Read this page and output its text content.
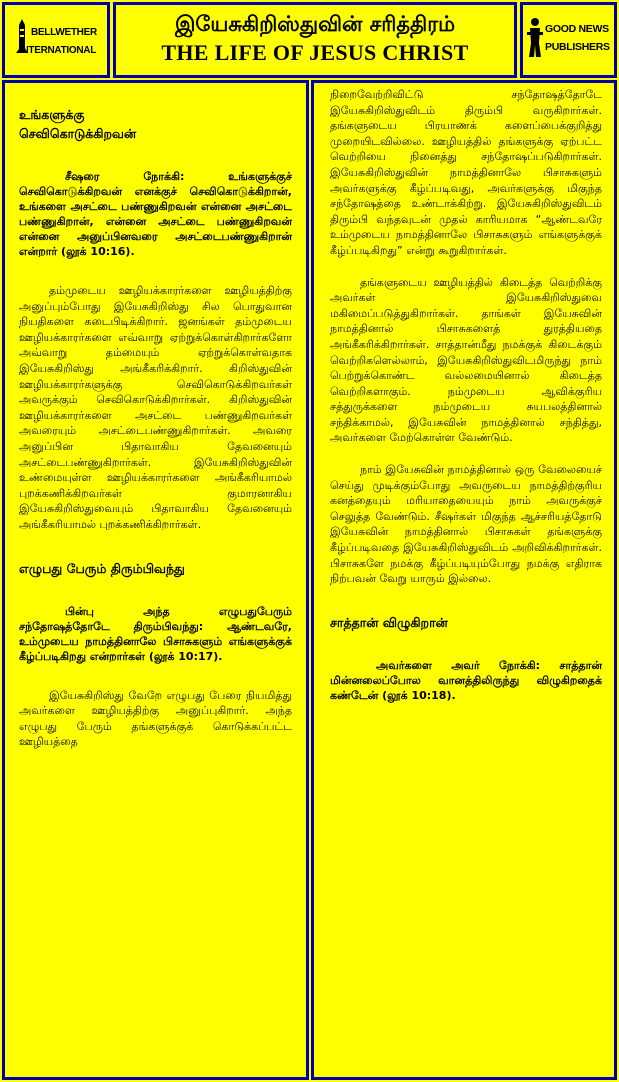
BELLWETHER
INTERNATIONAL
இயேசுகிறிஸ்துவின் சரித்திரம்
THE LIFE OF JESUS CHRIST
GOOD NEWS
PUBLISHERS
உங்களுக்கு செவிகொடுக்கிறவன்

சீஷரை நோக்கி: உங்களுக்குச் செவிகொடுக்கிறவன் எனக்குச் செவிகொடுக்கிறான், உங்களை அசட்டை பண்ணுகிறவன் என்னை அசட்டை பண்ணுகிறான், என்னை அசட்டை பண்ணுகிறவன் என்னை அனுப்பினவரை அசட்டைபண்ணுகிறான் என்றார் (லூக் 10:16).

தம்முடைய ஊழியக்காரர்களை ஊழியத்திற்கு அனுப்பும்போது இயேசுகிறிஸ்து சில பொதுவான நியதிகளை கடைபிடிக்கிறார். ஜனங்கள் தம்முடைய ஊழியக்காரர்களை எவ்வாறு ஏற்றுக்கொள்கிறார்களோ அவ்வாறு தம்மையும் ஏற்றுக்கொள்வதாக இயேசுகிறிஸ்து அங்கீகரிக்கிறார். கிறிஸ்துவின் ஊழியக்காரர்களுக்கு செவிகொடுக்கிறவர்கள் அவருக்கும் செவிகொடுக்கிறார்கள். கிறிஸ்துவின் ஊழியக்காரர்களை அசட்டை பண்ணுகிறவர்கள் அவரையும் அசட்டைபண்ணுகிறார்கள். அவரை அனுப்பின பிதாவாகிய தேவனையும் அசட்டைபண்ணுகிறார்கள். இயேசுகிறிஸ்துவின் உண்மையுள்ள ஊழியக்காரர்களை அங்கீகரியாமல் புறக்கணிக்கிறவர்கள் குமாரனாகிய இயேசுகிறிஸ்துவையும் பிதாவாகிய தேவனையும் அங்கீகரியாமல் புறக்கணிக்கிறார்கள்.

எழுபது பேரும் திரும்பிவந்து

பின்பு அந்த எழுபதுபேரும் சந்தோஷத்தோடே திரும்பிவந்து: ஆண்டவரே, உம்முடைய நாமத்தினாலே பிசாசுகளும் எங்களுக்குக் கீழ்ப்படிகிறது என்றார்கள் (லூக் 10:17).

இயேசுகிறிஸ்து வேறே எழுபது பேரை நியமித்து அவர்களை ஊழியத்திற்கு அனுப்புகிறார். அந்த எழுபது பேரும் தங்களுக்குக் கொடுக்கப்பட்ட ஊழியத்தை

நிறைவேற்றிவிட்டு சந்தோஷத்தோடே இயேசுகிறிஸ்துவிடம் திரும்பி வருகிறார்கள். தங்களுடைய பிரயாணக் களைப்பைக்குறித்து முறையிடவில்லை. ஊழியத்தில் தங்களுக்கு ஏற்பட்ட வெற்றியை நினைத்து சந்தோஷப்படுகிறார்கள். இயேசுகிறிஸ்துவின் நாமத்தினாலே பிசாசுகளும் அவர்களுக்கு கீழ்ப்படிவது, அவர்களுக்கு மிகுந்த சந்தோஷத்தை உண்டாக்கிற்று. இயேசுகிறிஸ்துவிடம் திரும்பி வந்தவுடன் முதல் காரியமாக “ஆண்டவரே உம்முடைய நாமத்தினாலே பிசாசுகளும் எங்களுக்குக் கீழ்ப்படிகிறது” என்று கூறுகிறார்கள்.

தங்களுடைய ஊழியத்தில் கிடைத்த வெற்றிக்கு அவர்கள் இயேசுகிறிஸ்துவை மகிமைப்படுத்துகிறார்கள். தாங்கள் இயேசுவின் நாமத்தினால் பிசாசுகளைத் துரத்தியதை அங்கீகரிக்கிறார்கள். சாத்தான்மீது நமக்குக் கிடைக்கும் வெற்றிகளெல்லாம், இயேசுகிறிஸ்துவிடமிருந்து நாம் பெற்றுக்கொண்ட வல்லமையினால் கிடைத்த வெற்றிகளாகும். நம்முடைய ஆவிக்குரிய சத்துருக்களை நம்முடைய சுயபலத்தினால் சந்திக்காமல், இயேசுவின் நாமத்தினால் சந்தித்து, அவர்களை மேற்கொள்ள வேண்டும்.

நாம் இயேசுவின் நாமத்தினால் ஒரு வேலையைச் செய்து முடிக்கும்போது அவருடைய நாமத்திற்குரிய கனத்தையும் மரியாதையையும் நாம் அவருக்குச் செலுத்த வேண்டும். சீஷர்கள் மிகுந்த ஆச்சரியத்தோடு இயேசுவின் நாமத்தினால் பிசாசுகள் தங்களுக்கு கீழ்ப்படிவதை இயேசுகிறிஸ்துவிடம் அறிவிக்கிறார்கள். பிசாசுகளே நமக்கு கீழ்ப்படியும்போது நமக்கு எதிராக நிற்பவன் வேறு யாரும் இல்லை.

சாத்தான் விழுகிறான்

அவர்களை அவர் நோக்கி: சாத்தான் மின்னலைப்போல வானத்திலிருந்து விழுகிறதைக் கண்டேன் (லூக் 10:18).
